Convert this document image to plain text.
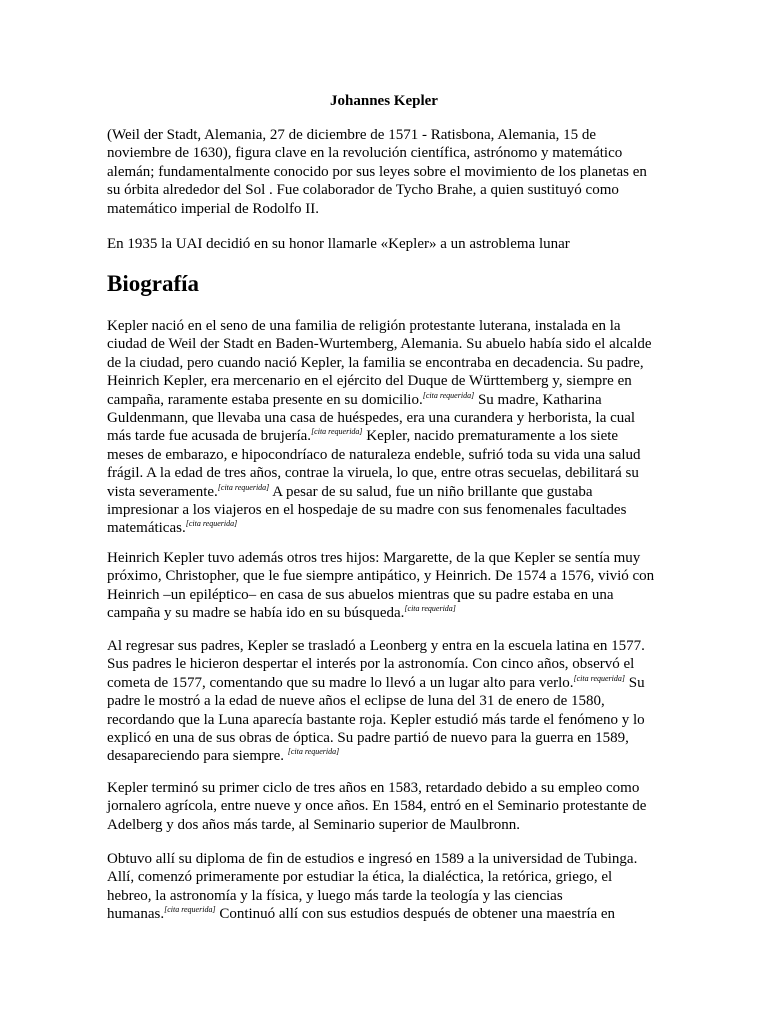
Johannes Kepler
(Weil der Stadt, Alemania, 27 de diciembre de 1571 - Ratisbona, Alemania, 15 de
noviembre de 1630), figura clave en la revolución científica, astrónomo y matemático
alemán; fundamentalmente conocido por sus leyes sobre el movimiento de los planetas en
su órbita alrededor del Sol . Fue colaborador de Tycho Brahe, a quien sustituyó como
matemático imperial de Rodolfo II.
En 1935 la UAI decidió en su honor llamarle «Kepler» a un astroblema lunar
Biografía
Kepler nació en el seno de una familia de religión protestante luterana, instalada en la
ciudad de Weil der Stadt en Baden-Wurtemberg, Alemania. Su abuelo había sido el alcalde
de la ciudad, pero cuando nació Kepler, la familia se encontraba en decadencia. Su padre,
Heinrich Kepler, era mercenario en el ejército del Duque de Württemberg y, siempre en
campaña, raramente estaba presente en su domicilio.[cita requerida] Su madre, Katharina
Guldenmann, que llevaba una casa de huéspedes, era una curandera y herborista, la cual
más tarde fue acusada de brujería.[cita requerida] Kepler, nacido prematuramente a los siete
meses de embarazo, e hipocondríaco de naturaleza endeble, sufrió toda su vida una salud
frágil. A la edad de tres años, contrae la viruela, lo que, entre otras secuelas, debilitará su
vista severamente.[cita requerida] A pesar de su salud, fue un niño brillante que gustaba
impresionar a los viajeros en el hospedaje de su madre con sus fenomenales facultades
matemáticas.[cita requerida]
Heinrich Kepler tuvo además otros tres hijos: Margarette, de la que Kepler se sentía muy
próximo, Christopher, que le fue siempre antipático, y Heinrich. De 1574 a 1576, vivió con
Heinrich –un epiléptico– en casa de sus abuelos mientras que su padre estaba en una
campaña y su madre se había ido en su búsqueda.[cita requerida]
Al regresar sus padres, Kepler se trasladó a Leonberg y entra en la escuela latina en 1577.
Sus padres le hicieron despertar el interés por la astronomía. Con cinco años, observó el
cometa de 1577, comentando que su madre lo llevó a un lugar alto para verlo.[cita requerida] Su
padre le mostró a la edad de nueve años el eclipse de luna del 31 de enero de 1580,
recordando que la Luna aparecía bastante roja. Kepler estudió más tarde el fenómeno y lo
explicó en una de sus obras de óptica. Su padre partió de nuevo para la guerra en 1589,
desapareciendo para siempre. [cita requerida]
Kepler terminó su primer ciclo de tres años en 1583, retardado debido a su empleo como
jornalero agrícola, entre nueve y once años. En 1584, entró en el Seminario protestante de
Adelberg y dos años más tarde, al Seminario superior de Maulbronn.
Obtuvo allí su diploma de fin de estudios e ingresó en 1589 a la universidad de Tubinga.
Allí, comenzó primeramente por estudiar la ética, la dialéctica, la retórica, griego, el
hebreo, la astronomía y la física, y luego más tarde la teología y las ciencias
humanas.[cita requerida] Continuó allí con sus estudios después de obtener una maestría en
